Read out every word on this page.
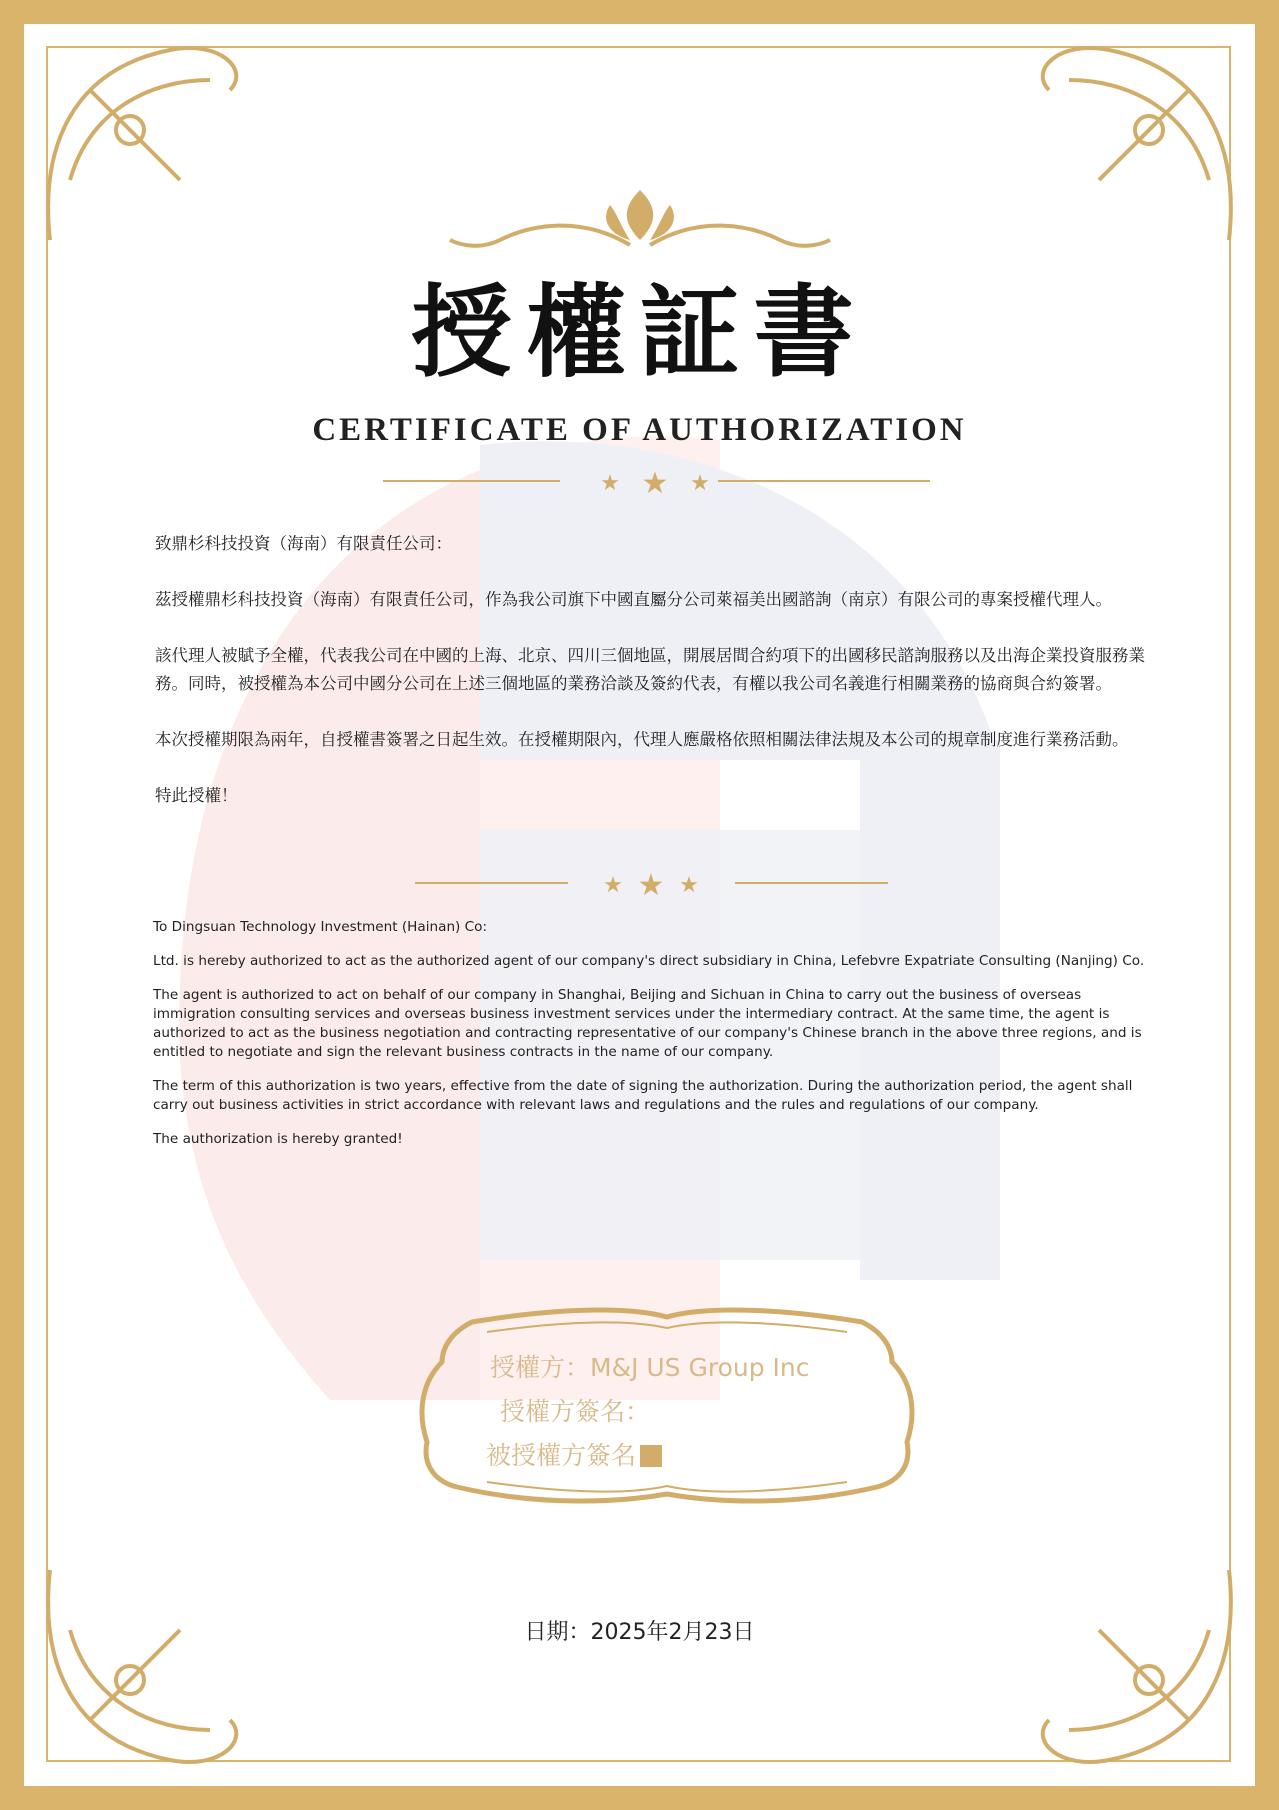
授權証書
CERTIFICATE OF AUTHORIZATION
★ ★ ★

致鼎杉科技投資（海南）有限責任公司：

茲授權鼎杉科技投資（海南）有限責任公司，作為我公司旗下中國直屬分公司萊福美出國諮詢（南京）有限公司的專案授權代理人。

該代理人被賦予全權，代表我公司在中國的上海、北京、四川三個地區，開展居間合約項下的出國移民諮詢服務以及出海企業投資服務業務。同時，被授權為本公司中國分公司在上述三個地區的業務洽談及簽約代表，有權以我公司名義進行相關業務的協商與合約簽署。

本次授權期限為兩年，自授權書簽署之日起生效。在授權期限內，代理人應嚴格依照相關法律法規及本公司的規章制度進行業務活動。

特此授權！

★ ★ ★

To Dingsuan Technology Investment (Hainan) Co:

Ltd. is hereby authorized to act as the authorized agent of our company's direct subsidiary in China, Lefebvre Expatriate Consulting (Nanjing) Co.

The agent is authorized to act on behalf of our company in Shanghai, Beijing and Sichuan in China to carry out the business of overseas immigration consulting services and overseas business investment services under the intermediary contract. At the same time, the agent is authorized to act as the business negotiation and contracting representative of our company's Chinese branch in the above three regions, and is entitled to negotiate and sign the relevant business contracts in the name of our company.

The term of this authorization is two years, effective from the date of signing the authorization. During the authorization period, the agent shall carry out business activities in strict accordance with relevant laws and regulations and the rules and regulations of our company.

The authorization is hereby granted!

授權方：M&J US Group Inc
授權方簽名：
被授權方簽名
日期：2025年2月23日
